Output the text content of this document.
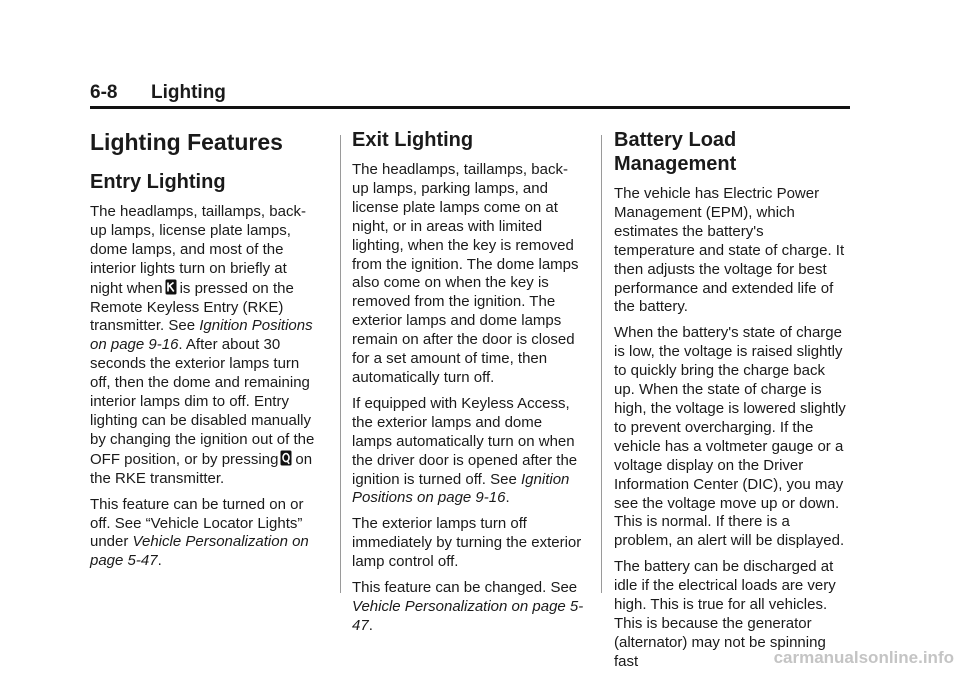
6-8 Lighting
Lighting Features
Entry Lighting

The headlamps, taillamps, back-up lamps, license plate lamps, dome lamps, and most of the interior lights turn on briefly at night when is pressed on the Remote Keyless Entry (RKE) transmitter. See Ignition Positions on page 9-16. After about 30 seconds the exterior lamps turn off, then the dome and remaining interior lamps dim to off. Entry lighting can be disabled manually by changing the ignition out of the OFF position, or by pressing on the RKE transmitter.

This feature can be turned on or off. See “Vehicle Locator Lights” under Vehicle Personalization on page 5-47.

Exit Lighting

The headlamps, taillamps, back-up lamps, parking lamps, and license plate lamps come on at night, or in areas with limited lighting, when the key is removed from the ignition. The dome lamps also come on when the key is removed from the ignition. The exterior lamps and dome lamps remain on after the door is closed for a set amount of time, then automatically turn off.

If equipped with Keyless Access, the exterior lamps and dome lamps automatically turn on when the driver door is opened after the ignition is turned off. See Ignition Positions on page 9-16.

The exterior lamps turn off immediately by turning the exterior lamp control off.

This feature can be changed. See Vehicle Personalization on page 5-47.

Battery Load Management

The vehicle has Electric Power Management (EPM), which estimates the battery's temperature and state of charge. It then adjusts the voltage for best performance and extended life of the battery.

When the battery's state of charge is low, the voltage is raised slightly to quickly bring the charge back up. When the state of charge is high, the voltage is lowered slightly to prevent overcharging. If the vehicle has a voltmeter gauge or a voltage display on the Driver Information Center (DIC), you may see the voltage move up or down. This is normal. If there is a problem, an alert will be displayed.

The battery can be discharged at idle if the electrical loads are very high. This is true for all vehicles. This is because the generator (alternator) may not be spinning fast	carmanualsonline.info
